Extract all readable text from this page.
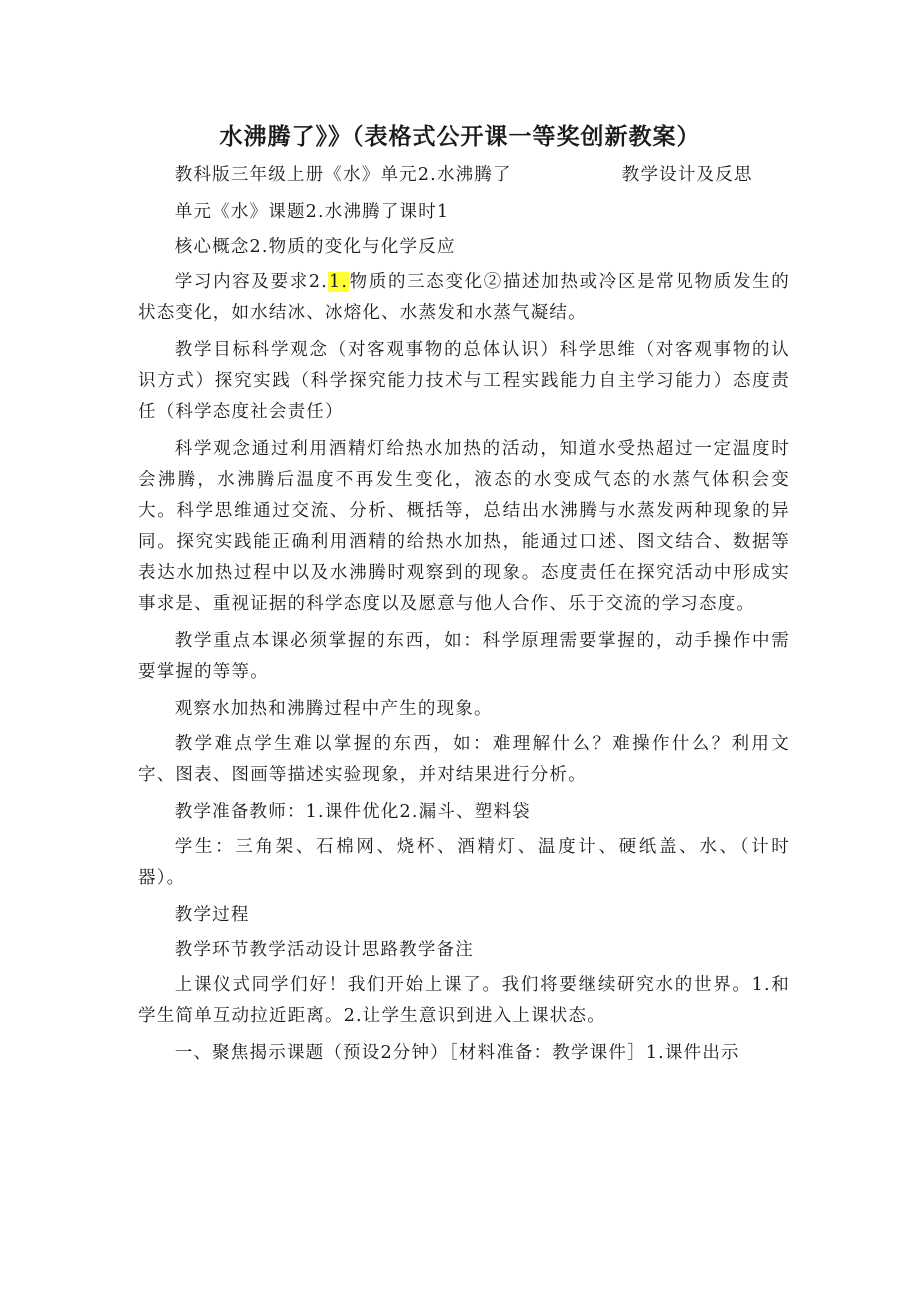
水沸腾了》》（表格式公开课一等奖创新教案）

教科版三年级上册《水》单元2.水沸腾了	教学设计及反思

单元《水》课题2.水沸腾了课时1

核心概念2.物质的变化与化学反应

学习内容及要求2.1.物质的三态变化②描述加热或冷区是常见物质发生的状态变化，如水结冰、冰熔化、水蒸发和水蒸气凝结。

教学目标科学观念（对客观事物的总体认识）科学思维（对客观事物的认识方式）探究实践（科学探究能力技术与工程实践能力自主学习能力）态度责任（科学态度社会责任）

科学观念通过利用酒精灯给热水加热的活动，知道水受热超过一定温度时会沸腾，水沸腾后温度不再发生变化，液态的水变成气态的水蒸气体积会变大。科学思维通过交流、分析、概括等，总结出水沸腾与水蒸发两种现象的异同。探究实践能正确利用酒精的给热水加热，能通过口述、图文结合、数据等表达水加热过程中以及水沸腾时观察到的现象。态度责任在探究活动中形成实事求是、重视证据的科学态度以及愿意与他人合作、乐于交流的学习态度。

教学重点本课必须掌握的东西，如：科学原理需要掌握的，动手操作中需要掌握的等等。

观察水加热和沸腾过程中产生的现象。

教学难点学生难以掌握的东西，如：难理解什么？难操作什么？利用文字、图表、图画等描述实验现象，并对结果进行分析。

教学准备教师：1.课件优化2.漏斗、塑料袋

学生：三角架、石棉网、烧杯、酒精灯、温度计、硬纸盖、水、（计时器）。

教学过程

教学环节教学活动设计思路教学备注

上课仪式同学们好！我们开始上课了。我们将要继续研究水的世界。1.和学生简单互动拉近距离。2.让学生意识到进入上课状态。

一、聚焦揭示课题（预设2分钟）［材料准备：教学课件］1.课件出示
